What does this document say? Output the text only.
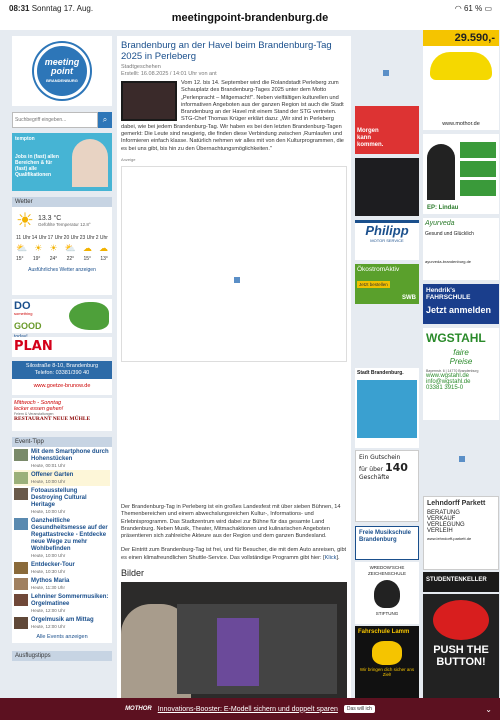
08:31 Sonntag 17. Aug.
meetingpoint-brandenburg.de
◠ 61 % ▭
meeting
point
BRANDENBURG
Suchbegriff eingeben...
⌕
tempton
Jobs in (fast) allen Bereichen & für (fast) alle Qualifikationen
Wetter
☀ 13.3 °C
Gefühlte Temperatur 12.8°
11 Uhr 14 Uhr 17 Uhr 20 Uhr 23 Uhr 2 Uhr
⛅ ☀ ☀ ⛅ ☁ ☁
15° 19° 24° 22° 15° 13°
Ausführliches Wetter anzeigen
DO
something
GOOD
PLAN
Silostraße 8-10, Brandenburg
Telefon: 03381/390 40
www.goetze-brunow.de
Mittwoch - Sonntag
lecker essen gehen!
Feiern & Veranstaltungen
RESTAURANT NEUE MÜHLE
Event-Tipp
Mit dem Smartphone durch Hohenstücken
Heute, 00:01 Uhr
Offener Garten
Heute, 10:00 Uhr
Fotoausstellung Destroying Cultural Heritage
Heute, 10:00 Uhr
Ganzheitliche Gesundheitsmesse auf der Regattastrecke - Entdecke neue Wege zu mehr Wohlbefinden
Heute, 10:00 Uhr
Entdecker-Tour
Heute, 10:30 Uhr
Mythos Maria
Heute, 11:30 Uhr
Lehniner Sommermusiken: Orgelmatinee
Heute, 12:00 Uhr
Orgelmusik am Mittag
Heute, 12:00 Uhr
Alle Events anzeigen
Ausflugstipps
Brandenburg an der Havel beim Brandenburg-Tag 2025 in Perleberg
Stadtgeschehen
Erstellt: 16.08.2025 / 14:01 Uhr von ant
Vom 12. bis 14. September wird die Rolandstadt Perleberg zum Schauplatz des Brandenburg-Tages 2025 unter dem Motto „Perlenpracht – Mitgemacht!". Neben vielfältigen kulturellen und informativen Angeboten aus der ganzen Region ist auch die Stadt Brandenburg an der Havel mit einem Stand der STG vertreten. STG-Chef Thomas Krüger erklärt dazu: „Wir sind in Perleberg dabei, wie bei jedem Brandenburg-Tag. Wir haben es bei den letzten Brandenburg-Tagen gemerkt: Die Leute sind neugierig, die finden diese Verbindung zwischen ‚Rumlaufen und Informieren einfach klasse. Natürlich nehmen wir alles mit von den Kulturprogrammen, die es bei uns gibt, bis hin zu den Übernachtungsmöglichkeiten."
Anzeige
Der Brandenburg-Tag in Perleberg ist ein großes Landesfest mit über sieben Bühnen, 14 Themenbereichen und einem abwechslungsreichen Kultur-, Informations- und Erlebnisprogramm. Das Stadtzentrum wird dabei zur Bühne für das gesamte Land Brandenburg. Neben Musik, Theater, Mitmachaktionen und kulinarischen Angeboten präsentieren sich zahlreiche Akteure aus der Region und dem ganzen Bundesland.
Der Eintritt zum Brandenburg-Tag ist frei, und für Besucher, die mit dem Auto anreisen, gibt es einen klimafreundlichen Shuttle-Service. Das vollständige Programm gibt hier: [Klick].
Bilder
Morgen kann kommen.
Philipp
MOTOR SERVICE
ÖkostromAktiv
Jetzt bestellen
SWB
Stadt Brandenburg.
Ein Gutschein
für über 140
Geschäfte
Freie Musikschule Brandenburg
WREDOW'SCHE ZEICHENSCHULE
STIFTUNG
Fahrschule Lamm
Wir bringen dich sicher ans Ziel!
29.590,-
www.mothor.de
EP: Lindau
Ayurveda
Gesund und Glücklich
ayurveda-brandenburg.de
Hendrik's FAHRSCHULE
Jetzt anmelden
WGSTAHL
faire
Preise
Bayernstr. 6 | 14770 Brandenburg
www.wgstahl.de
info@wgstahl.de
03381 3915-0
Lehndorff Parkett
BERATUNG
VERKAUF
VERLEGUNG
VERLEIH
www.lehndorff-parkett.de
STUDENTENKELLER
PUSH THE
BUTTON!
MOTHOR Innovations-Booster: E-Modell sichern und doppelt sparen	Das will ich	⌄
